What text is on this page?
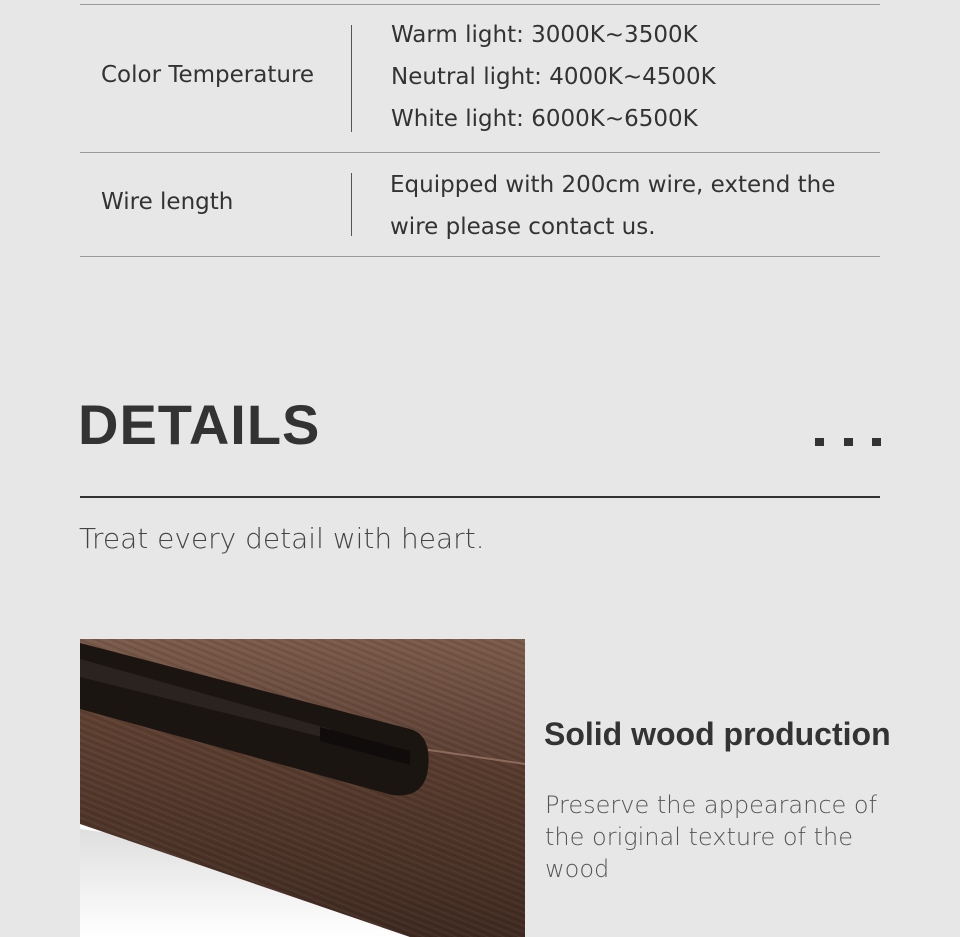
Color Temperature
Warm light: 3000K~3500K
Neutral light: 4000K~4500K
White light: 6000K~6500K
Wire length
Equipped with 200cm wire, extend the wire please contact us.
DETAILS
Treat every detail with heart.
Solid wood production
Preserve the appearance of the original texture of the wood
